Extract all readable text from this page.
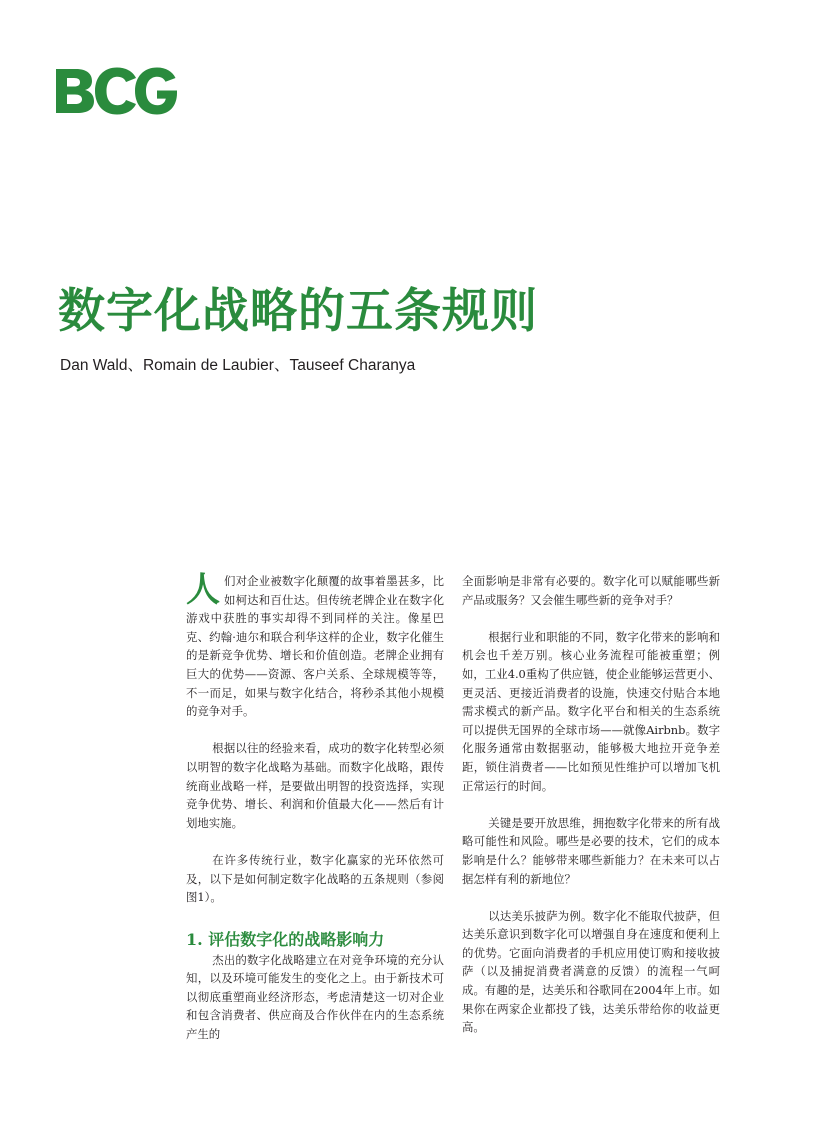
数字化战略的五条规则
Dan Wald、Romain de Laubier、Tauseef Charanya

人们对企业被数字化颠覆的故事着墨甚多，比如柯达和百仕达。但传统老牌企业在数字化游戏中获胜的事实却得不到同样的关注。像星巴克、约翰·迪尔和联合利华这样的企业，数字化催生的是新竞争优势、增长和价值创造。老牌企业拥有巨大的优势——资源、客户关系、全球规模等等，不一而足，如果与数字化结合，将秒杀其他小规模的竞争对手。

根据以往的经验来看，成功的数字化转型必须以明智的数字化战略为基础。而数字化战略，跟传统商业战略一样，是要做出明智的投资选择，实现竞争优势、增长、利润和价值最大化——然后有计划地实施。

在许多传统行业，数字化赢家的光环依然可及，以下是如何制定数字化战略的五条规则（参阅图1）。

1. 评估数字化的战略影响力

杰出的数字化战略建立在对竞争环境的充分认知，以及环境可能发生的变化之上。由于新技术可以彻底重塑商业经济形态，考虑清楚这一切对企业和包含消费者、供应商及合作伙伴在内的生态系统产生的

全面影响是非常有必要的。数字化可以赋能哪些新产品或服务？又会催生哪些新的竞争对手？

根据行业和职能的不同，数字化带来的影响和机会也千差万别。核心业务流程可能被重塑；例如，工业4.0重构了供应链，使企业能够运营更小、更灵活、更接近消费者的设施，快速交付贴合本地需求模式的新产品。数字化平台和相关的生态系统可以提供无国界的全球市场——就像Airbnb。数字化服务通常由数据驱动，能够极大地拉开竞争差距，锁住消费者——比如预见性维护可以增加飞机正常运行的时间。

关键是要开放思维，拥抱数字化带来的所有战略可能性和风险。哪些是必要的技术，它们的成本影响是什么？能够带来哪些新能力？在未来可以占据怎样有利的新地位？

以达美乐披萨为例。数字化不能取代披萨，但达美乐意识到数字化可以增强自身在速度和便利上的优势。它面向消费者的手机应用使订购和接收披萨（以及捕捉消费者满意的反馈）的流程一气呵成。有趣的是，达美乐和谷歌同在2004年上市。如果你在两家企业都投了钱，达美乐带给你的收益更高。
